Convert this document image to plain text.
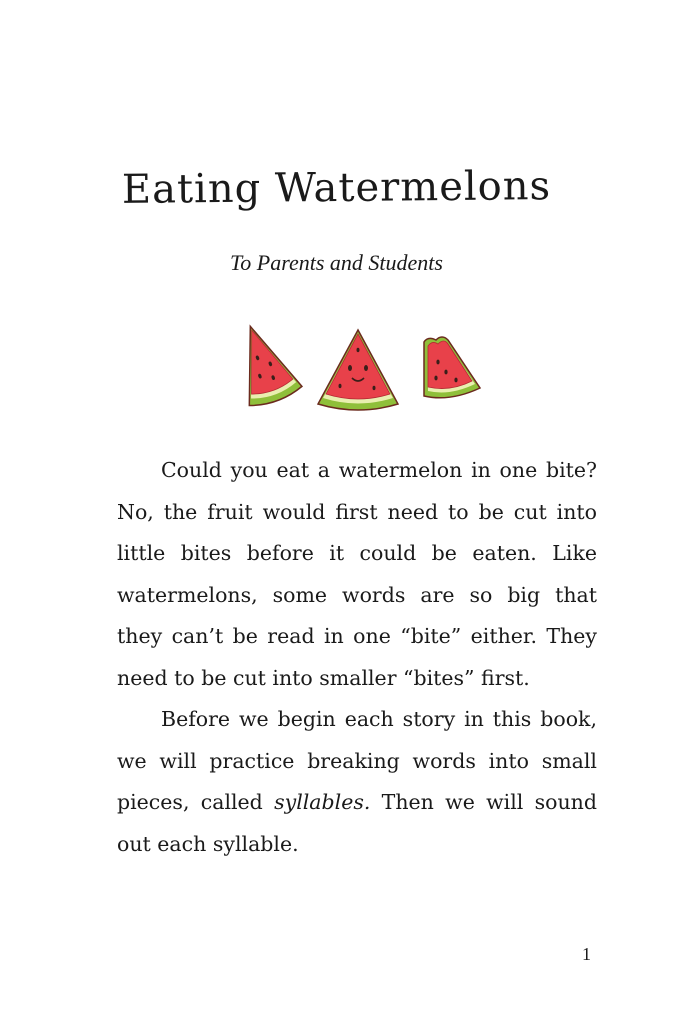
Eating Watermelons
To Parents and Students

Could you eat a watermelon in one bite? No, the fruit would first need to be cut into little bites before it could be eaten. Like watermelons, some words are so big that they can’t be read in one “bite” either. They need to be cut into smaller “bites” first.

Before we begin each story in this book, we will practice breaking words into small pieces, called syllables. Then we will sound out each syllable.

1
